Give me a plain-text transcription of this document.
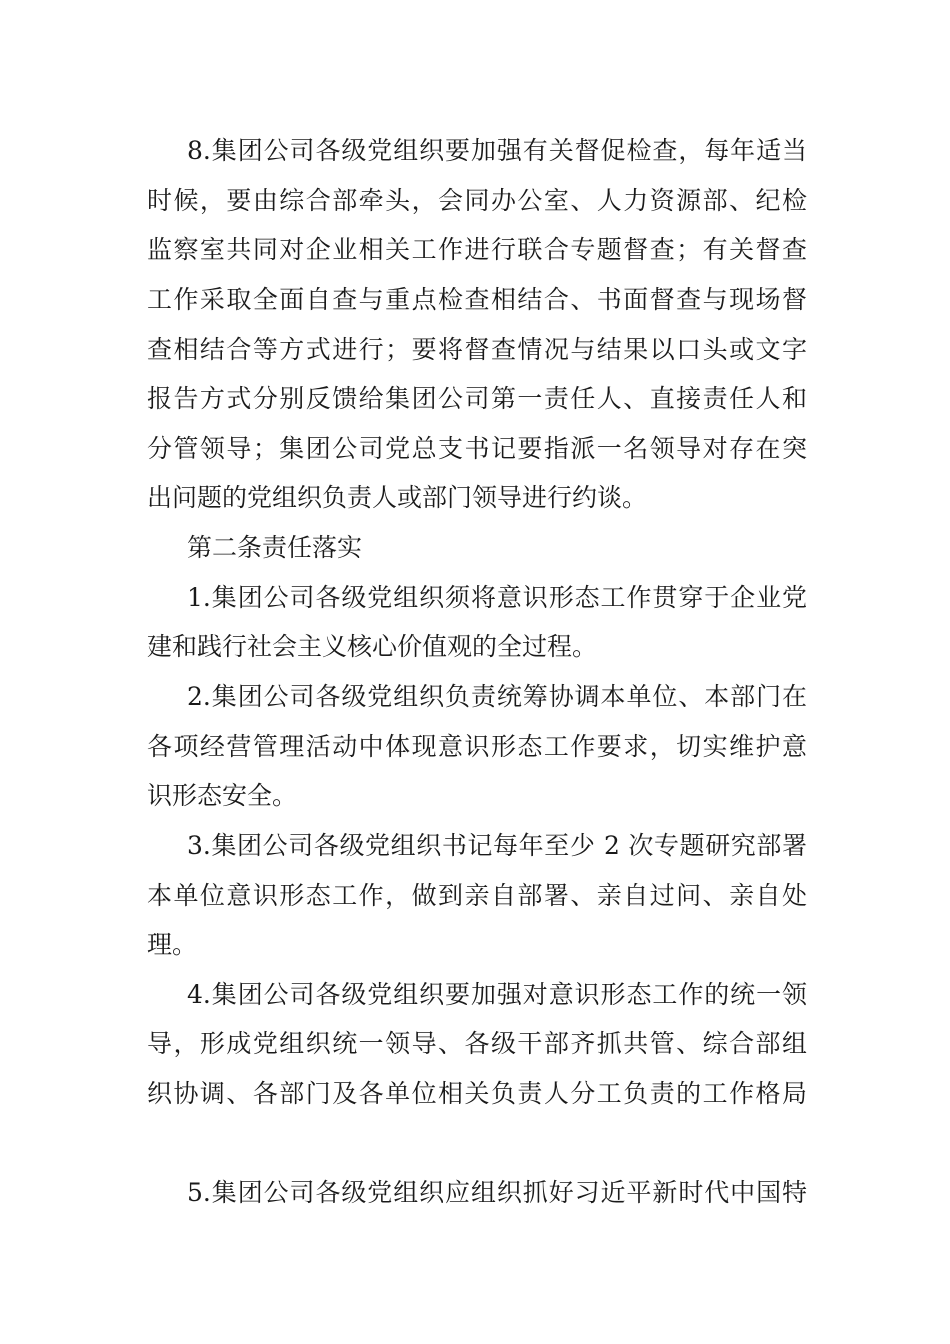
8.集团公司各级党组织要加强有关督促检查，每年适当
时候，要由综合部牵头，会同办公室、人力资源部、纪检
监察室共同对企业相关工作进行联合专题督查；有关督查
工作采取全面自查与重点检查相结合、书面督查与现场督
查相结合等方式进行；要将督查情况与结果以口头或文字
报告方式分别反馈给集团公司第一责任人、直接责任人和
分管领导；集团公司党总支书记要指派一名领导对存在突
出问题的党组织负责人或部门领导进行约谈。
第二条责任落实
1.集团公司各级党组织须将意识形态工作贯穿于企业党
建和践行社会主义核心价值观的全过程。
2.集团公司各级党组织负责统筹协调本单位、本部门在
各项经营管理活动中体现意识形态工作要求，切实维护意
识形态安全。
3.集团公司各级党组织书记每年至少 2 次专题研究部署
本单位意识形态工作，做到亲自部署、亲自过问、亲自处
理。
4.集团公司各级党组织要加强对意识形态工作的统一领
导，形成党组织统一领导、各级干部齐抓共管、综合部组
织协调、各部门及各单位相关负责人分工负责的工作格局
5.集团公司各级党组织应组织抓好习近平新时代中国特
